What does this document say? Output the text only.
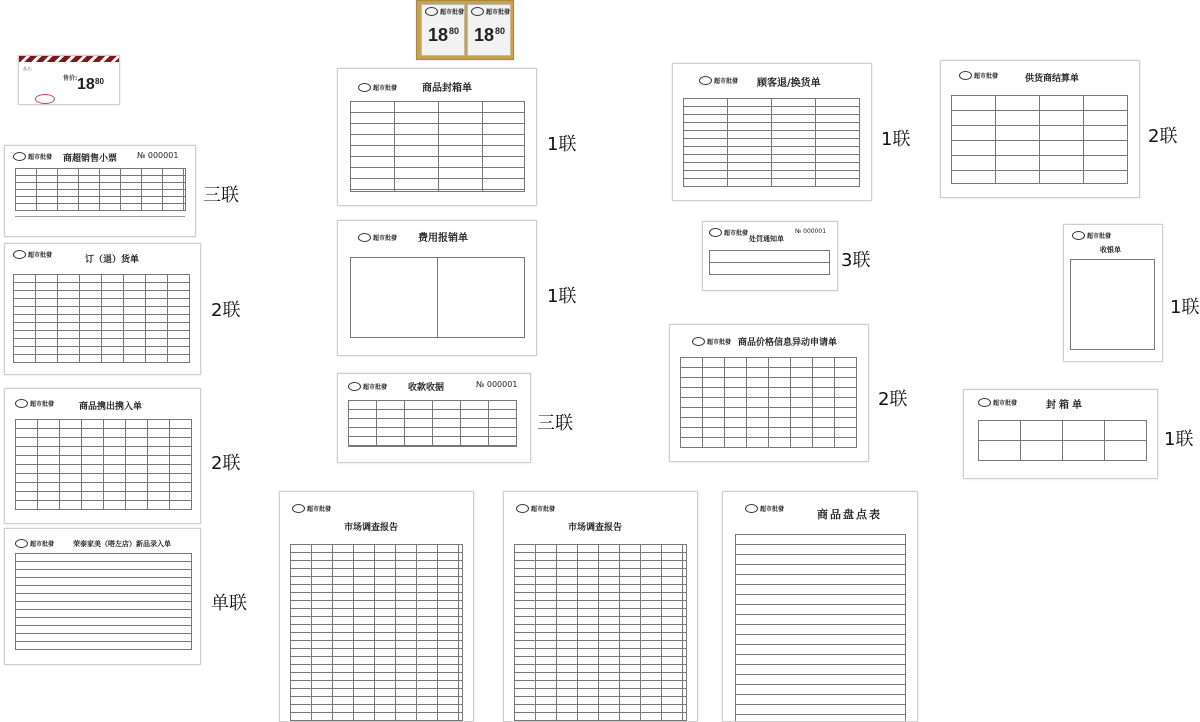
超市批發
18 80
超市批發
18 80
品名:
售价: 18 80
超市批發 商超销售小票 № 000001
三联
超市批發	订（退）货单
2联
超市批發	商品携出携入单
2联
超市批發	荣泰家美（嗒左店）新品录入单
单联
超市批發 商品封箱单
1联
超市批發 费用报销单
1联
超市批發 收款收据	№ 000001
三联
超市批發
市场调查报告
超市批發
市场调查报告
超市批發 顾客退/换货单
1联
超市批發
处罚通知单
№ 000001
3联
超市批發 商品价格信息异动申请单
2联
超市批發	商品盘点表
超市批發	供货商结算单
2联
超市批發
收银单
1联
超市批發	封箱单
1联
